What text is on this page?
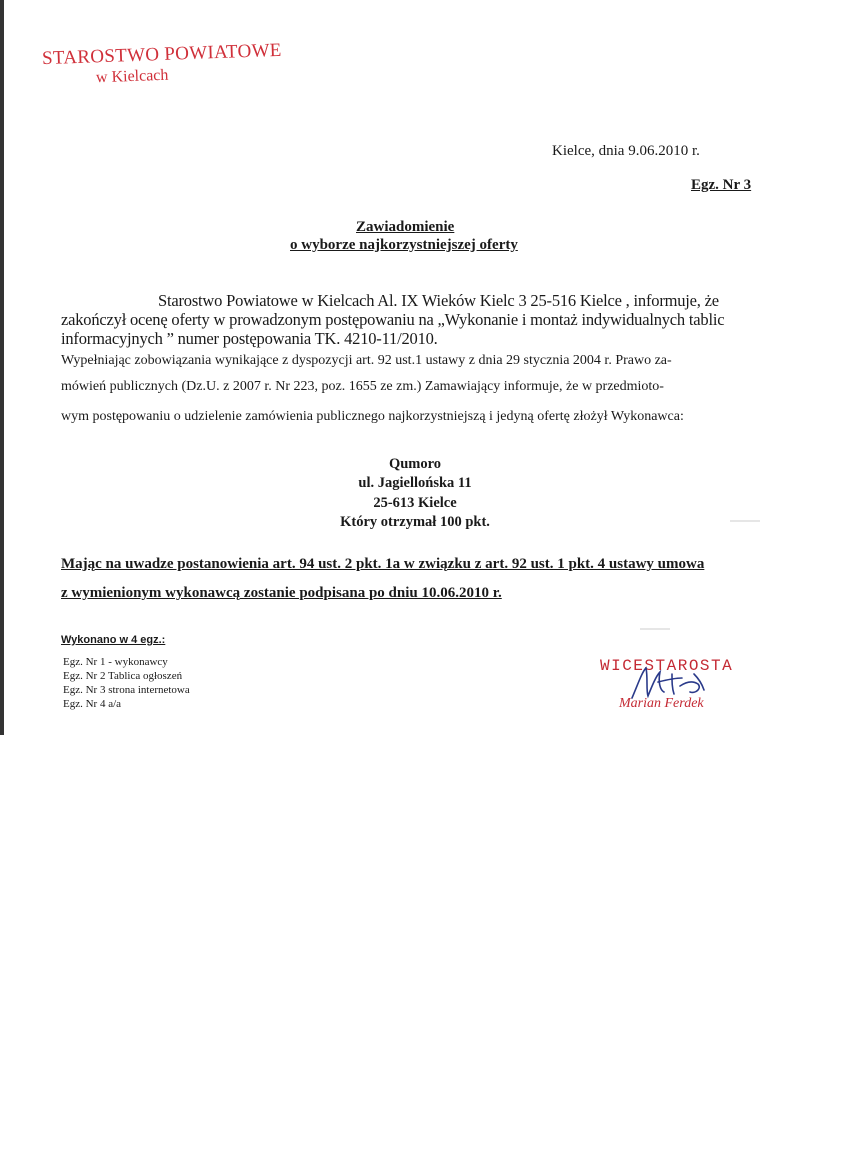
STAROSTWO POWIATOWE
w Kielcach
Kielce, dnia 9.06.2010 r.
Egz. Nr 3
Zawiadomienie
o wyborze najkorzystniejszej oferty
Starostwo Powiatowe w Kielcach Al. IX Wieków Kielc 3 25-516 Kielce , informuje, że
zakończył ocenę oferty w prowadzonym postępowaniu na „Wykonanie i montaż indywidualnych tablic
informacyjnych ” numer postępowania TK. 4210-11/2010.
Wypełniając zobowiązania wynikające z dyspozycji art. 92 ust.1 ustawy z dnia 29 stycznia 2004 r. Prawo za-
mówień publicznych (Dz.U. z 2007 r. Nr 223, poz. 1655 ze zm.) Zamawiający informuje, że w przedmioto-
wym postępowaniu o udzielenie zamówienia publicznego najkorzystniejszą i jedyną ofertę złożył Wykonawca:
Qumoro
ul. Jagiellońska 11
25-613 Kielce
Który otrzymał 100 pkt.
Mając na uwadze postanowienia art. 94 ust. 2 pkt. 1a w związku z art. 92 ust. 1 pkt. 4 ustawy umowa
z wymienionym wykonawcą zostanie podpisana po dniu 10.06.2010 r.
Wykonano w 4 egz.:
Egz. Nr 1 - wykonawcy
Egz. Nr 2 Tablica ogłoszeń
Egz. Nr 3 strona internetowa
Egz. Nr 4 a/a
WICESTAROSTA
Marian Ferdek
